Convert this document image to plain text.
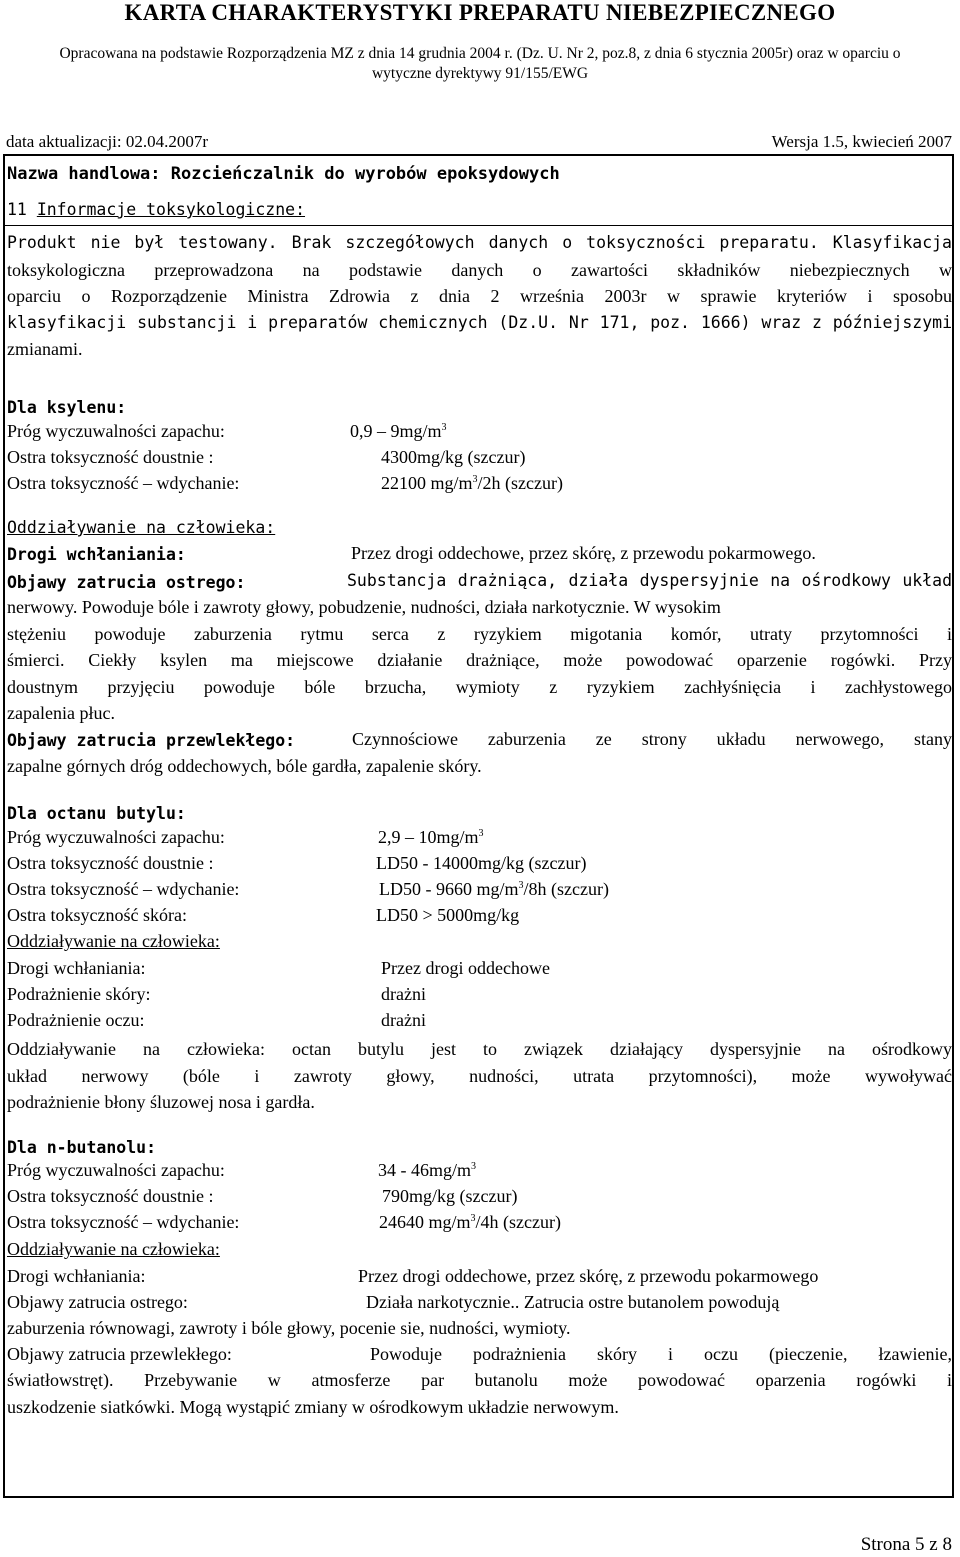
KARTA CHARAKTERYSTYKI PREPARATU NIEBEZPIECZNEGO
Opracowana na podstawie Rozporządzenia MZ z dnia 14 grudnia 2004 r. (Dz. U. Nr 2, poz.8, z dnia 6 stycznia 2005r) oraz w oparciu o
wytyczne dyrektywy 91/155/EWG
data aktualizacji: 02.04.2007r	Wersja 1.5, kwiecień 2007
Nazwa handlowa: Rozcieńczalnik do wyrobów epoksydowych
11 Informacje toksykologiczne:
Produkt nie był testowany. Brak szczegółowych danych o toksyczności preparatu. Klasyfikacja
toksykologiczna przeprowadzona na podstawie danych o zawartości składników niebezpiecznych w
oparciu o Rozporządzenie Ministra Zdrowia z dnia 2 września 2003r w sprawie kryteriów i sposobu
klasyfikacji substancji i preparatów chemicznych (Dz.U. Nr 171, poz. 1666) wraz z późniejszymi
zmianami.
Dla ksylenu:
Próg wyczuwalności zapachu:	$0,9 - 9mg/m^3$
Ostra toksyczność doustnie :	4300mg/kg (szczur)
Ostra toksyczność – wdychanie:	22100 $mg/m^3/2h$ (szczur)
Oddziaływanie na człowieka:
Drogi wchłaniania:	Przez drogi oddechowe, przez skórę, z przewodu pokarmowego.
Objawy zatrucia ostrego:	Substancja drażniąca, działa dyspersyjnie na ośrodkowy układ
nerwowy. Powoduje bóle i zawroty głowy, pobudzenie, nudności, działa narkotycznie. W wysokim
stężeniu powoduje zaburzenia rytmu serca z ryzykiem migotania komór, utraty przytomności i
śmierci. Ciekły ksylen ma miejscowe działanie drażniące, może powodować oparzenie rogówki. Przy
doustnym przyjęciu powoduje bóle brzucha, wymioty z ryzykiem zachłyśnięcia i zachłystowego
zapalenia płuc.
Objawy zatrucia przewlekłego:	Czynnościowe zaburzenia ze strony układu nerwowego, stany
zapalne górnych dróg oddechowych, bóle gardła, zapalenie skóry.
Dla octanu butylu:
Próg wyczuwalności zapachu:	$2,9 - 10mg/m^3$
Ostra toksyczność doustnie :	LD50 - 14000mg/kg (szczur)
Ostra toksyczność – wdychanie:	LD50 - 9660 $mg/m^3/8h$ (szczur)
Ostra toksyczność skóra:	LD50 > 5000mg/kg
Oddziaływanie na człowieka:
Drogi wchłaniania:	Przez drogi oddechowe
Podrażnienie skóry:	drażni
Podrażnienie oczu:	drażni
Oddziaływanie na człowieka: octan butylu jest to związek działający dyspersyjnie na ośrodkowy
układ nerwowy (bóle i zawroty głowy, nudności, utrata przytomności), może wywoływać
podrażnienie błony śluzowej nosa i gardła.
Dla n-butanolu:
Próg wyczuwalności zapachu:	$34 - 46mg/m^3$
Ostra toksyczność doustnie :	790mg/kg (szczur)
Ostra toksyczność – wdychanie:	24640 $mg/m^3/4h$ (szczur)
Oddziaływanie na człowieka:
Drogi wchłaniania:	Przez drogi oddechowe, przez skórę, z przewodu pokarmowego
Objawy zatrucia ostrego:	Działa narkotycznie.. Zatrucia ostre butanolem powodują
zaburzenia równowagi, zawroty i bóle głowy, pocenie sie, nudności, wymioty.
Objawy zatrucia przewlekłego:	Powoduje podrażnienia skóry i oczu (pieczenie, łzawienie,
światłowstręt). Przebywanie w atmosferze par butanolu może powodować oparzenia rogówki i
uszkodzenie siatkówki. Mogą wystąpić zmiany w ośrodkowym układzie nerwowym.
Strona 5 z 8
